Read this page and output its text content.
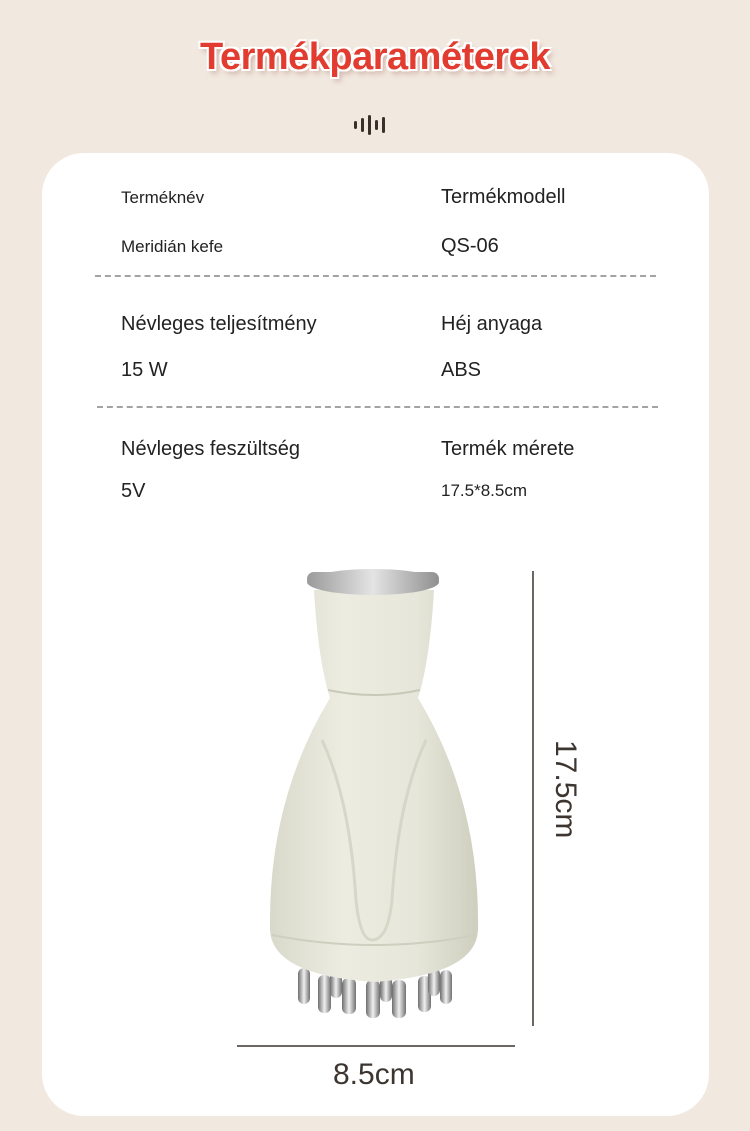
Termékparaméterek
Terméknév
Meridián kefe
Termékmodell
QS-06
Névleges teljesítmény
15 W
Héj anyaga
ABS
Névleges feszültség
5V
Termék mérete
17.5*8.5cm
17.5cm
8.5cm
